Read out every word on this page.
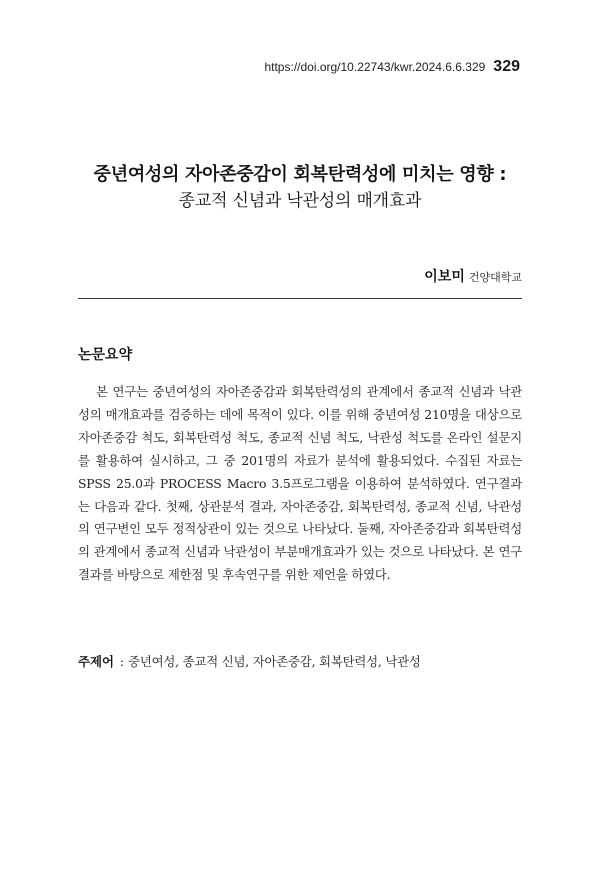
https://doi.org/10.22743/kwr.2024.6.6.329 329
중년여성의 자아존중감이 회복탄력성에 미치는 영향 :
종교적 신념과 낙관성의 매개효과
이보미 건양대학교
논문요약

본 연구는 중년여성의 자아존중감과 회복탄력성의 관계에서 종교적 신념과 낙관성의 매개효과를 검증하는 데에 목적이 있다. 이를 위해 중년여성 210명을 대상으로 자아존중감 척도, 회복탄력성 척도, 종교적 신념 척도, 낙관성 척도를 온라인 설문지를 활용하여 실시하고, 그 중 201명의 자료가 분석에 활용되었다. 수집된 자료는 SPSS 25.0과 PROCESS Macro 3.5프로그램을 이용하여 분석하였다. 연구결과는 다음과 같다. 첫째, 상관분석 결과, 자아존중감, 회복탄력성, 종교적 신념, 낙관성의 연구변인 모두 정적상관이 있는 것으로 나타났다. 둘째, 자아존중감과 회복탄력성의 관계에서 종교적 신념과 낙관성이 부분매개효과가 있는 것으로 나타났다. 본 연구결과를 바탕으로 제한점 및 후속연구를 위한 제언을 하였다.

주제어 : 중년여성, 종교적 신념, 자아존중감, 회복탄력성, 낙관성
